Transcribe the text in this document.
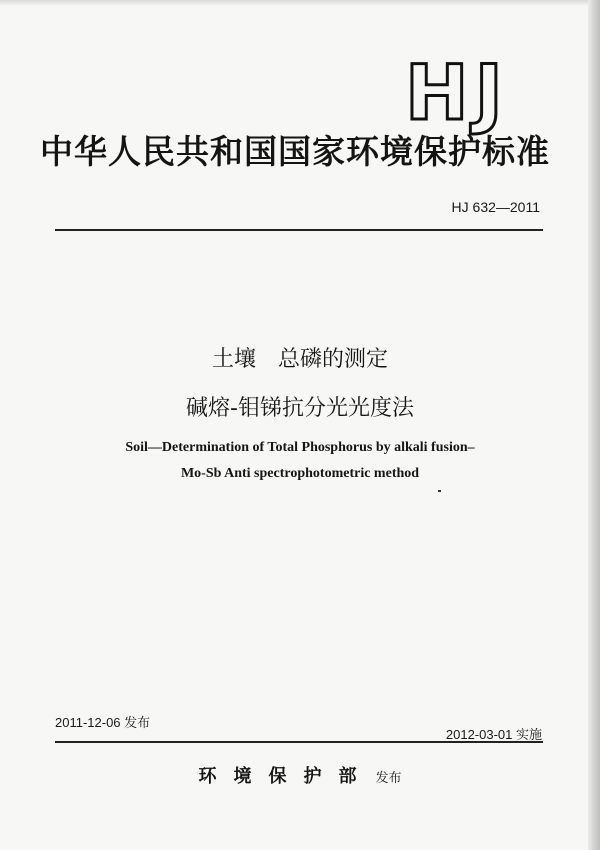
HJ
中华人民共和国国家环境保护标准
HJ 632—2011
土壤　总磷的测定
碱熔-钼锑抗分光光度法
Soil—Determination of Total Phosphorus by alkali fusion–
Mo-Sb Anti spectrophotometric method
2011-12-06 发布
2012-03-01 实施
环境保护部 发布
